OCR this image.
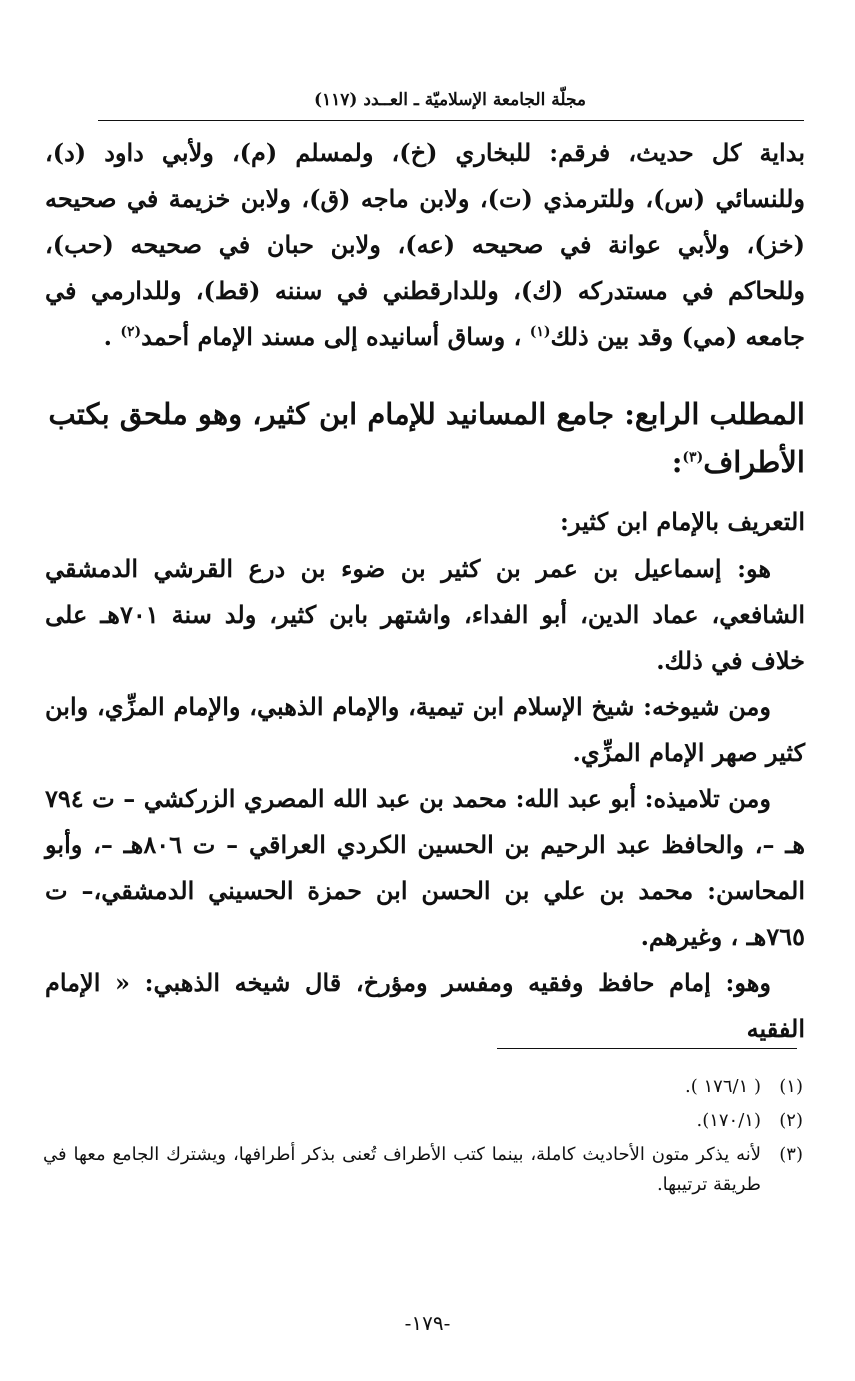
مجلّة الجامعة الإسلاميّة ـ العــدد (١١٧)

بداية كل حديث، فرقم: للبخاري (خ)، ولمسلم (م)، ولأبي داود (د)، وللنسائي (س)، وللترمذي (ت)، ولابن ماجه (ق)، ولابن خزيمة في صحيحه (خز)، ولأبي عوانة في صحيحه (عه)، ولابن حبان في صحيحه (حب)، وللحاكم في مستدركه (ك)، وللدارقطني في سننه (قط)، وللدارمي في جامعه (مي) وقد بين ذلك$^{(١)}$ ، وساق أسانيده إلى مسند الإمام أحمد$^{(٢)}$ .

المطلب الرابع: جامع المسانيد للإمام ابن كثير، وهو ملحق بكتب الأطراف$^{(٣)}$:
التعريف بالإمام ابن كثير:

هو: إسماعيل بن عمر بن كثير بن ضوء بن درع القرشي الدمشقي الشافعي، عماد الدين، أبو الفداء، واشتهر بابن كثير، ولد سنة ٧٠١هـ على خلاف في ذلك.

ومن شيوخه: شيخ الإسلام ابن تيمية، والإمام الذهبي، والإمام المزِّي، وابن كثير صهر الإمام المزِّي.

ومن تلاميذه: أبو عبد الله: محمد بن عبد الله المصري الزركشي – ت ٧٩٤ هـ –، والحافظ عبد الرحيم بن الحسين الكردي العراقي – ت ٨٠٦هـ –، وأبو المحاسن: محمد بن علي بن الحسن ابن حمزة الحسيني الدمشقي،– ت ٧٦٥هـ ، وغيرهم.

وهو: إمام حافظ وفقيه ومفسر ومؤرخ، قال شيخه الذهبي: « الإمام الفقيه

(١)
( ١٧٦/١ ).
(٢)
(١٧٠/١).
(٣)
لأنه يذكر متون الأحاديث كاملة، بينما كتب الأطراف تُعنى بذكر أطرافها، ويشترك الجامع معها في طريقة ترتيبها.
-١٧٩-
